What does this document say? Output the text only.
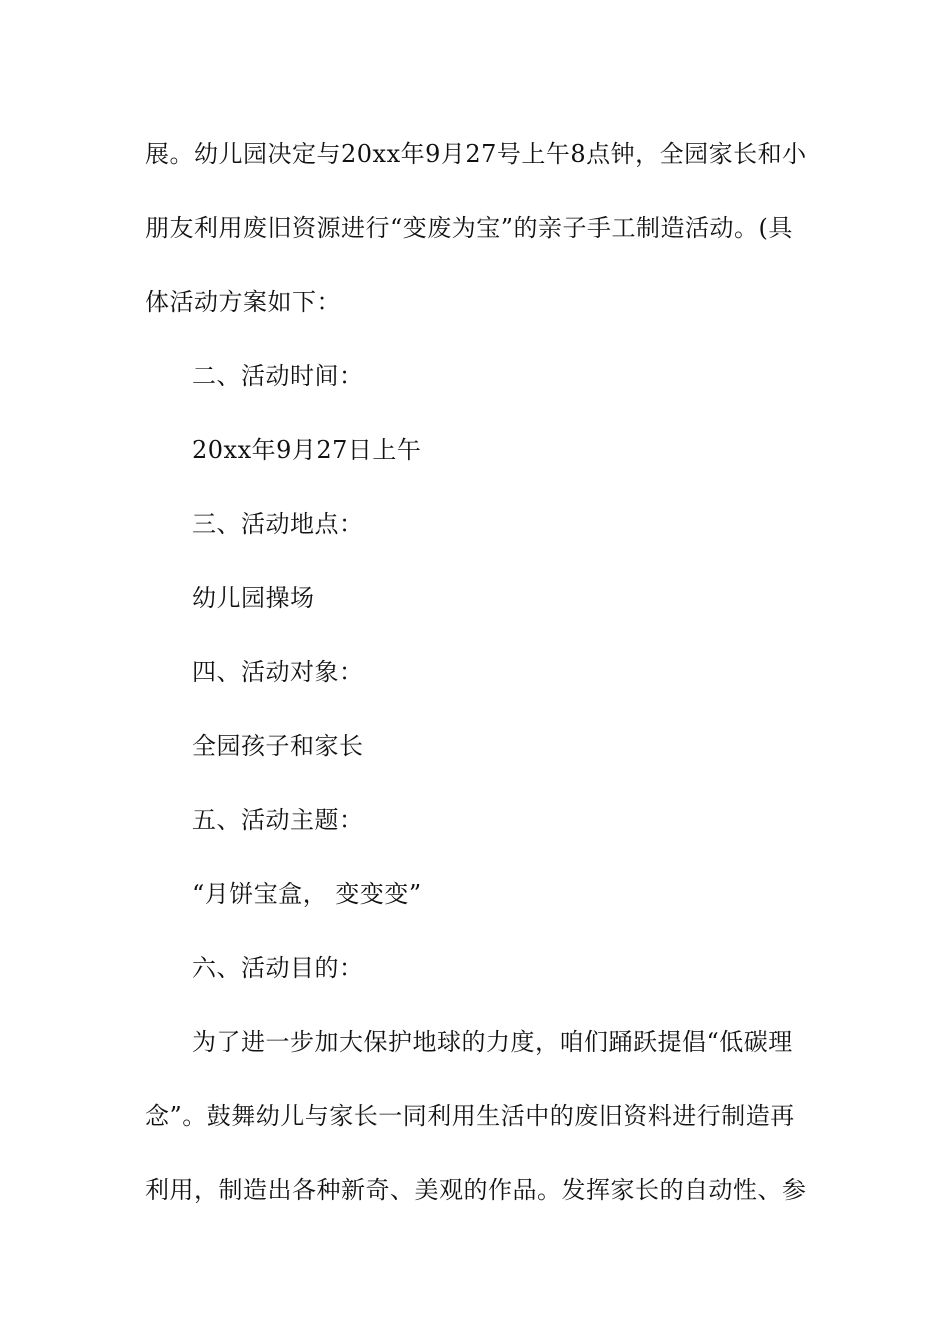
展。幼儿园决定与20xx年9月27号上午8点钟，全园家长和小
朋友利用废旧资源进行“变废为宝”的亲子手工制造活动。(具
体活动方案如下：
二、活动时间：
20xx年9月27日上午
三、活动地点：
幼儿园操场
四、活动对象：
全园孩子和家长
五、活动主题：
“月饼宝盒， 变变变”
六、活动目的：
为了进一步加大保护地球的力度，咱们踊跃提倡“低碳理
念”。鼓舞幼儿与家长一同利用生活中的废旧资料进行制造再
利用，制造出各种新奇、美观的作品。发挥家长的自动性、参
